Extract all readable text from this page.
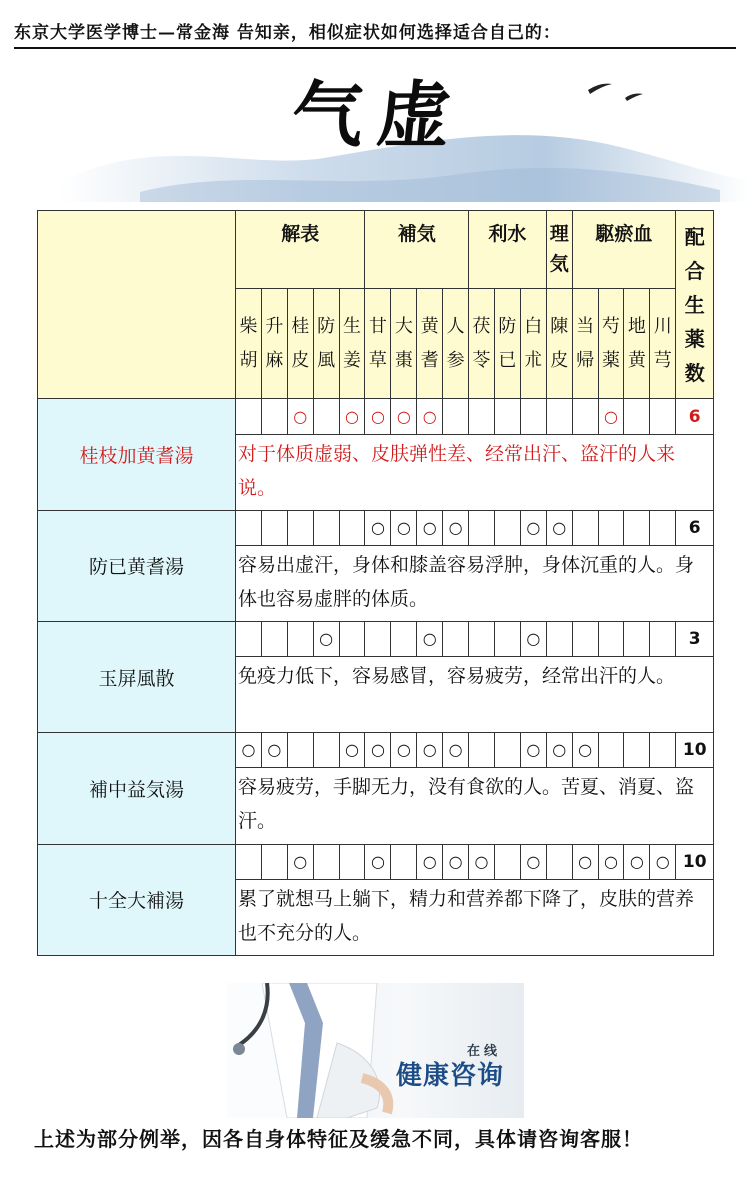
东京大学医学博士—常金海 告知亲，相似症状如何选择适合自己的：
气虚
	解表					補気				利水			理気	駆瘀血				配合生薬数
	柴胡	升麻	桂皮	防風	生姜	甘草	大棗	黄耆	人参	茯苓	防已	白朮	陳皮	当帰	芍薬	地黄	川芎	
桂枝加黄耆湯			○		○	○	○	○							○			6
	对于体质虚弱、皮肤弹性差、经常出汗、盗汗的人来说。																	
防已黄耆湯						○	○	○	○			○	○					6
	容易出虚汗，身体和膝盖容易浮肿，身体沉重的人。身体也容易虚胖的体质。																	
玉屏風散				○				○				○						3
	免疫力低下，容易感冒，容易疲劳，经常出汗的人。																	
補中益気湯	○	○			○	○	○	○	○			○	○	○				10
	容易疲劳，手脚无力，没有食欲的人。苦夏、消夏、盗汗。																	
十全大補湯			○			○		○	○	○		○		○	○	○	○	10
	累了就想马上躺下，精力和营养都下降了，皮肤的营养也不充分的人。																	
在线
健康咨询
上述为部分例举，因各自身体特征及缓急不同，具体请咨询客服！
